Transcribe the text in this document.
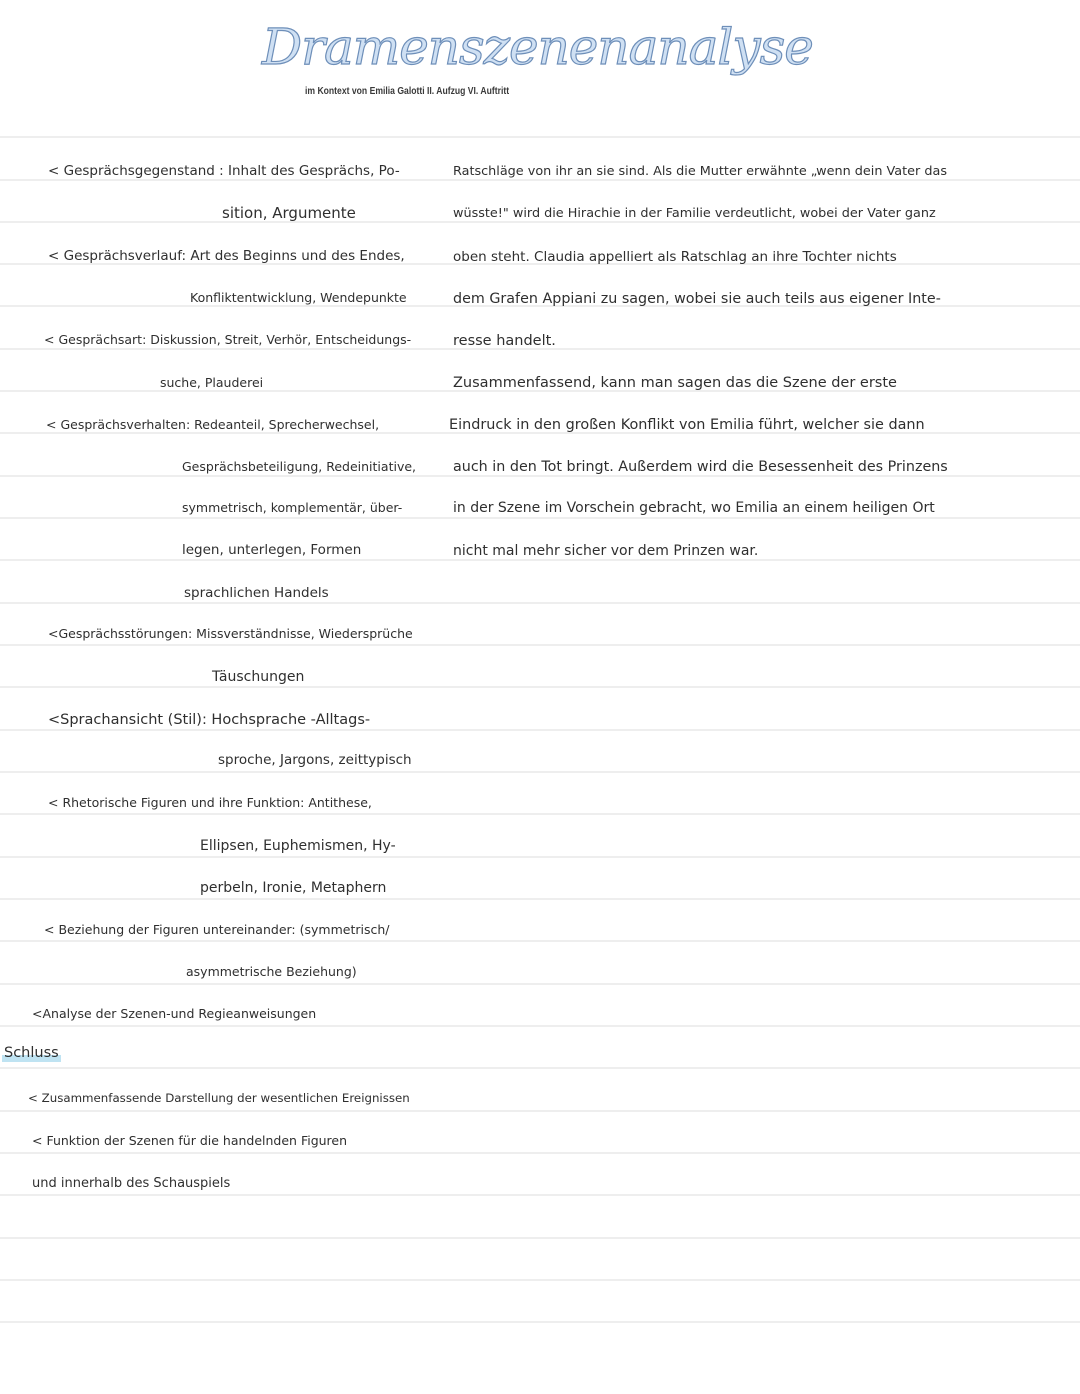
Dramenszenenanalyse
im Kontext von Emilia Galotti II. Aufzug VI. Auftritt
< Gesprächsgegenstand : Inhalt des Gesprächs, Po-
sition, Argumente
< Gesprächsverlauf: Art des Beginns und des Endes,
Konfliktentwicklung, Wendepunkte
< Gesprächsart: Diskussion, Streit, Verhör, Entscheidungs-
suche, Plauderei
< Gesprächsverhalten: Redeanteil, Sprecherwechsel,
Gesprächsbeteiligung, Redeinitiative,
symmetrisch, komplementär, über-
legen, unterlegen, Formen
sprachlichen Handels
<Gesprächsstörungen: Missverständnisse, Wiedersprüche
Täuschungen
<Sprachansicht (Stil): Hochsprache -Alltags-
sproche, Jargons, zeittypisch
< Rhetorische Figuren und ihre Funktion: Antithese,
Ellipsen, Euphemismen, Hy-
perbeln, Ironie, Metaphern
< Beziehung der Figuren untereinander: (symmetrisch/
asymmetrische Beziehung)
<Analyse der Szenen-und Regieanweisungen
Ratschläge von ihr an sie sind. Als die Mutter erwähnte „wenn dein Vater das
wüsste!" wird die Hirachie in der Familie verdeutlicht, wobei der Vater ganz
oben steht. Claudia appelliert als Ratschlag an ihre Tochter nichts
dem Grafen Appiani zu sagen, wobei sie auch teils aus eigener Inte-
resse handelt.
Zusammenfassend, kann man sagen das die Szene der erste
Eindruck in den großen Konflikt von Emilia führt, welcher sie dann
auch in den Tot bringt. Außerdem wird die Besessenheit des Prinzens
in der Szene im Vorschein gebracht, wo Emilia an einem heiligen Ort
nicht mal mehr sicher vor dem Prinzen war.
Schluss
< Zusammenfassende Darstellung der wesentlichen Ereignissen
< Funktion der Szenen für die handelnden Figuren
und innerhalb des Schauspiels
